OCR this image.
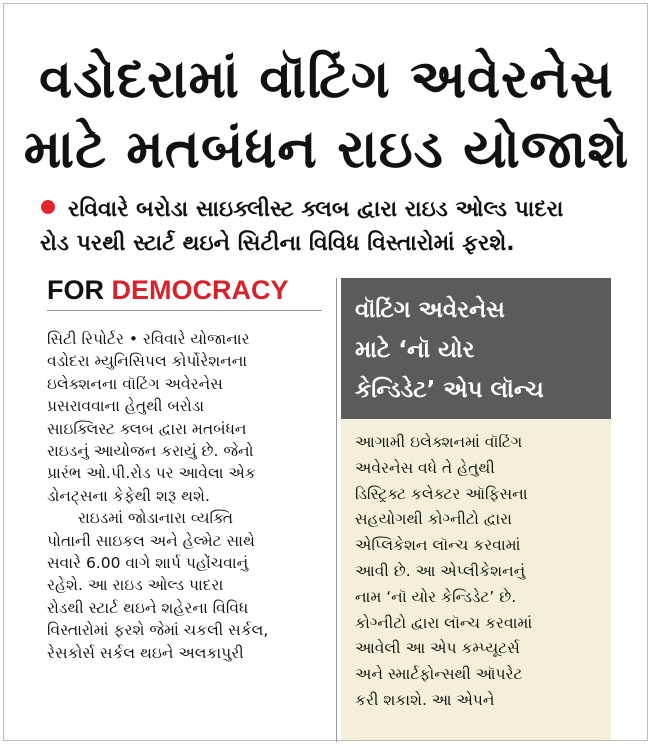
વડોદરામાં વૉટિંગ અવેરનેસ
માટે મતબંધન રાઇડ યોજાશે
રવિવારે બરોડા સાઇક્લીસ્ટ ક્લબ દ્વારા રાઇડ ઓલ્ડ પાદરા
રોડ પરથી સ્ટાર્ટ થઇને સિટીના વિવિધ વિસ્તારોમાં ફરશે.
FOR DEMOCRACY
સિટી રિપોર્ટર • રવિવારે યોજાનાર
વડોદરા મ્યુનિસિપલ કોર્પોરેશનના
ઇલેક્શનના વૉટિંગ અવેરનેસ
પ્રસરાવવાના હેતુથી બરોડા
સાઇક્લિસ્ટ ક્લબ દ્વારા મતબંધન
રાઇડનું આયોજન કરાયું છે. જેનો
પ્રારંભ ઓ.પી.રોડ પર આવેલા એક
ડોનટ્સના કેફેથી શરૂ થશે.
રાઇડમાં જોડાનારા વ્યક્તિ
પોતાની સાઇકલ અને હેલ્મેટ સાથે
સવારે 6.00 વાગે શાર્પ પહોંચવાનું
રહેશે. આ રાઇડ ઓલ્ડ પાદરા
રોડથી સ્ટાર્ટ થઇને શહેરના વિવિધ
વિસ્તારોમાં ફરશે જેમાં ચકલી સર્કલ,
રેસકોર્સ સર્કલ થઇને અલકાપુરી
વૉટિંગ અવેરનેસ
માટે ‘નૉ યોર
કેન્ડિડેટ’ એપ લૉન્ચ
આગામી ઇલેક્શનમાં વૉટિંગ
અવેરનેસ વધે તે હેતુથી
ડિસ્ટ્રિક્ટ કલેક્ટર ઑફિસના
સહયોગથી કોગ્નીટો દ્વારા
એપ્લિકેશન લૉન્ચ કરવામાં
આવી છે. આ એપ્લીકેશનનું
નામ ‘નૉ યોર કેન્ડિડેટ’ છે.
કોગ્નીટો દ્વારા લૉન્ચ કરવામાં
આવેલી આ એપ કમ્પ્યૂટર્સ
અને સ્માર્ટફોન્સથી ઑપરેટ
કરી શકાશે. આ એપને
